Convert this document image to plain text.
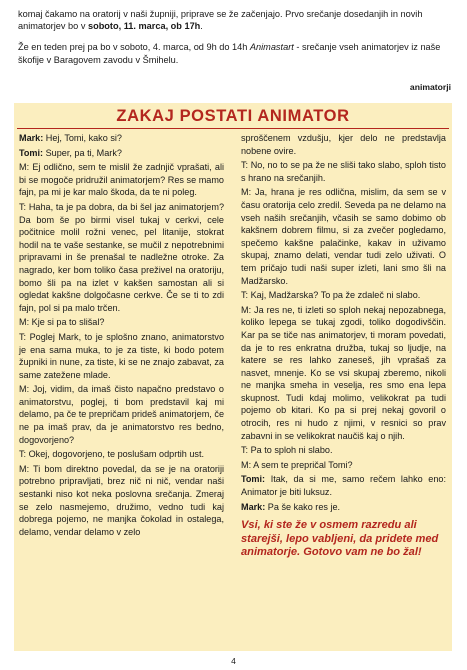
komaj čakamo na oratorij v naši župniji, priprave se že začenjajo. Prvo srečanje dosedanjih in novih animatorjev bo v soboto, 11. marca, ob 17h.

Že en teden prej pa bo v soboto, 4. marca, od 9h do 14h Animastart - srečanje vseh animatorjev iz naše škofije v Baragovem zavodu v Šmihelu.

animatorji
ZAKAJ POSTATI ANIMATOR

Mark: Hej, Tomi, kako si?

Tomi: Super, pa ti, Mark?

M: Ej odlično, sem te mislil že zadnjič vprašati, ali bi se mogoče pridružil animatorjem? Res se mamo fajn, pa mi je kar malo škoda, da te ni poleg.

T: Haha, ta je pa dobra, da bi šel jaz animatorjem? Da bom še po birmi visel tukaj v cerkvi, cele počitnice molil rožni venec, pel litanije, stokrat hodil na te vaše sestanke, se mučil z nepotrebnimi pripravami in še prenašal te nadležne otroke. Za nagrado, ker bom toliko časa preživel na oratoriju, bomo šli pa na izlet v kakšen samostan ali si ogledat kakšne dolgočasne cerkve. Če se ti to zdi fajn, pol si pa malo trčen.

M: Kje si pa to slišal?

T: Poglej Mark, to je splošno znano, animatorstvo je ena sama muka, to je za tiste, ki bodo potem župniki in nune, za tiste, ki se ne znajo zabavat, za same zatežene mlade.

M: Joj, vidim, da imaš čisto napačno predstavo o animatorstvu, poglej, ti bom predstavil kaj mi delamo, pa če te prepričam prideš animatorjem, če ne pa imaš prav, da je animatorstvo res bedno, dogovorjeno?

T: Okej, dogovorjeno, te poslušam odprtih ust.

M: Ti bom direktno povedal, da se je na oratoriji potrebno pripravljati, brez nič ni nič, vendar naši sestanki niso kot neka poslovna srečanja. Zmeraj se zelo nasmejemo, družimo, vedno tudi kaj dobrega pojemo, ne manjka čokolad in ostalega, delamo, vendar delamo v zelo

sproščenem vzdušju, kjer delo ne predstavlja nobene ovire.

T: No, no to se pa že ne sliši tako slabo, sploh tisto s hrano na srečanjih.

M: Ja, hrana je res odlična, mislim, da sem se v času oratorija celo zredil. Seveda pa ne delamo na vseh naših srečanjih, včasih se samo dobimo ob kakšnem dobrem filmu, si za zvečer pogledamo, spečemo kakšne palačinke, kakav in uživamo skupaj, znamo delati, vendar tudi zelo uživati. O tem pričajo tudi naši super izleti, lani smo šli na Madžarsko.

T: Kaj, Madžarska? To pa že zdaleč ni slabo.

M: Ja res ne, ti izleti so sploh nekaj nepozabnega, koliko lepega se tukaj zgodi, toliko dogodivščin. Kar pa se tiče nas animatorjev, ti moram povedati, da je to res enkratna družba, tukaj so ljudje, na katere se res lahko zaneseš, jih vprašaš za nasvet, mnenje. Ko se vsi skupaj zberemo, nikoli ne manjka smeha in veselja, res smo ena lepa skupnost. Tudi kdaj molimo, velikokrat pa tudi pojemo ob kitari. Ko pa si prej nekaj govoril o otrocih, res ni hudo z njimi, v resnici so prav zabavni in se velikokrat naučiš kaj o njih.

T: Pa to sploh ni slabo.

M: A sem te prepričal Tomi?

Tomi: Itak, da si me, samo rečem lahko eno: Animator je biti luksuz.

Mark: Pa še kako res je.

Vsi, ki ste že v osmem razredu ali starejši, lepo vabljeni, da pridete med animatorje. Gotovo vam ne bo žal!
4
